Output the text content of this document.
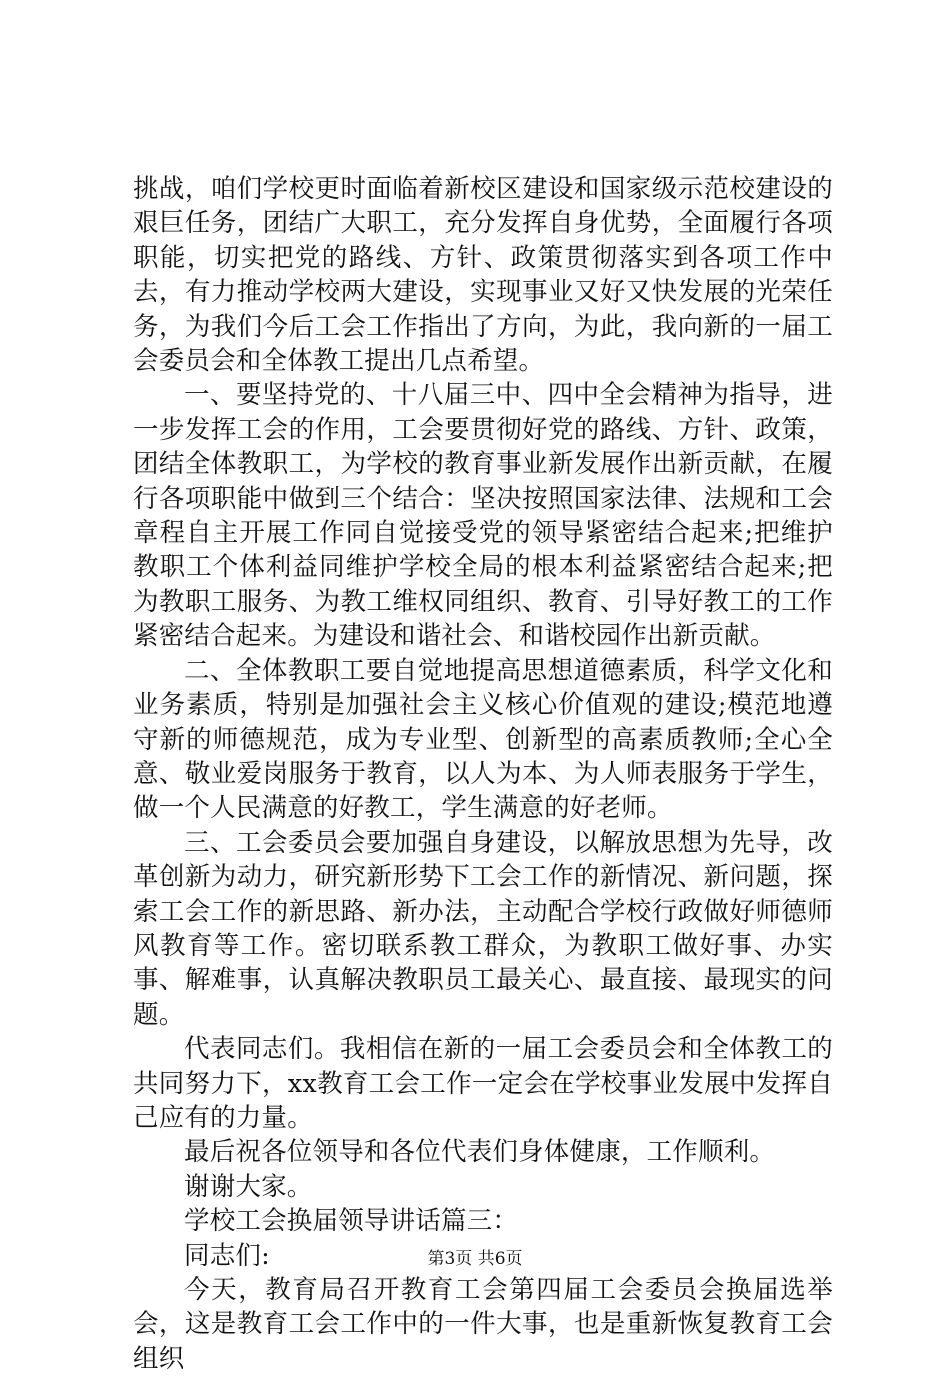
挑战，咱们学校更时面临着新校区建设和国家级示范校建设的艰巨任务，团结广大职工，充分发挥自身优势，全面履行各项职能，切实把党的路线、方针、政策贯彻落实到各项工作中去，有力推动学校两大建设，实现事业又好又快发展的光荣任务，为我们今后工会工作指出了方向，为此，我向新的一届工会委员会和全体教工提出几点希望。

一、要坚持党的、十八届三中、四中全会精神为指导，进一步发挥工会的作用，工会要贯彻好党的路线、方针、政策，团结全体教职工，为学校的教育事业新发展作出新贡献，在履行各项职能中做到三个结合：坚决按照国家法律、法规和工会章程自主开展工作同自觉接受党的领导紧密结合起来;把维护教职工个体利益同维护学校全局的根本利益紧密结合起来;把为教职工服务、为教工维权同组织、教育、引导好教工的工作紧密结合起来。为建设和谐社会、和谐校园作出新贡献。

二、全体教职工要自觉地提高思想道德素质，科学文化和业务素质，特别是加强社会主义核心价值观的建设;模范地遵守新的师德规范，成为专业型、创新型的高素质教师;全心全意、敬业爱岗服务于教育，以人为本、为人师表服务于学生，做一个人民满意的好教工，学生满意的好老师。

三、工会委员会要加强自身建设，以解放思想为先导，改革创新为动力，研究新形势下工会工作的新情况、新问题，探索工会工作的新思路、新办法，主动配合学校行政做好师德师风教育等工作。密切联系教工群众，为教职工做好事、办实事、解难事，认真解决教职员工最关心、最直接、最现实的问题。

代表同志们。我相信在新的一届工会委员会和全体教工的共同努力下，xx教育工会工作一定会在学校事业发展中发挥自己应有的力量。

最后祝各位领导和各位代表们身体健康，工作顺利。

谢谢大家。

学校工会换届领导讲话篇三：

同志们:

今天，教育局召开教育工会第四届工会委员会换届选举会，这是教育工会工作中的一件大事，也是重新恢复教育工会组织

第3页 共6页
